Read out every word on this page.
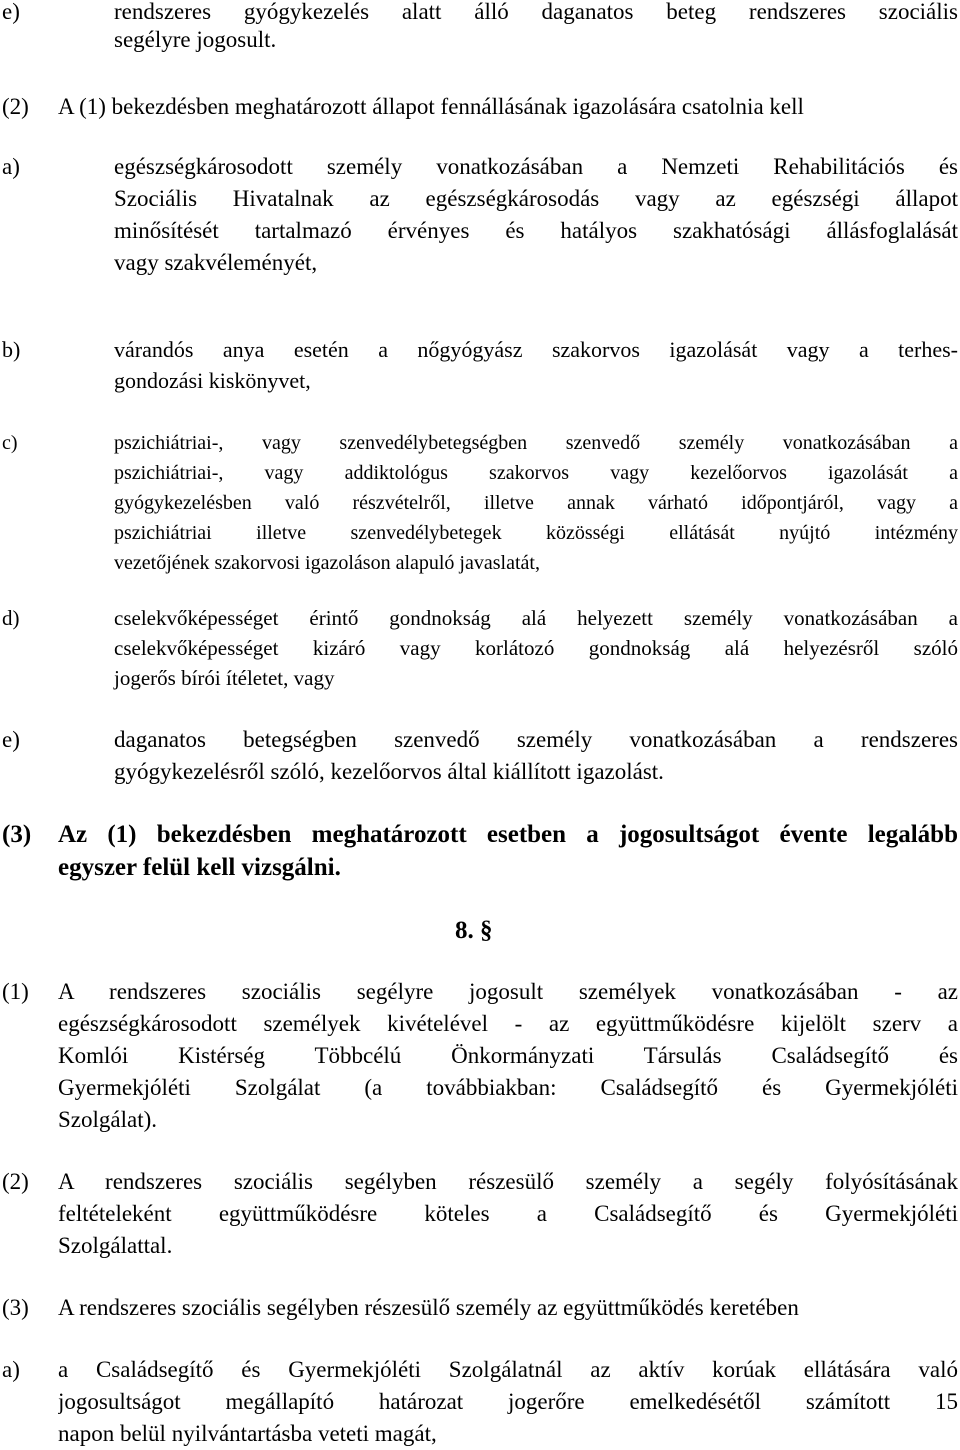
e)	rendszeres gyógykezelés alatt álló daganatos beteg rendszeres szociális
segélyre jogosult.
(2) A (1) bekezdésben meghatározott állapot fennállásának igazolására csatolnia kell
a)	egészségkárosodott személy vonatkozásában a Nemzeti Rehabilitációs és
Szociális Hivatalnak az egészségkárosodás vagy az egészségi állapot
minősítését tartalmazó érvényes és hatályos szakhatósági állásfoglalását
vagy szakvéleményét,
b)	várandós anya esetén a nőgyógyász szakorvos igazolását vagy a terhes-
gondozási kiskönyvet,
c)	pszichiátriai-, vagy szenvedélybetegségben szenvedő személy vonatkozásában a
pszichiátriai-, vagy addiktológus szakorvos vagy kezelőorvos igazolását a
gyógykezelésben való részvételről, illetve annak várható időpontjáról, vagy a
pszichiátriai illetve szenvedélybetegek közösségi ellátását nyújtó intézmény
vezetőjének szakorvosi igazoláson alapuló javaslatát,
d)	cselekvőképességet érintő gondnokság alá helyezett személy vonatkozásában a
cselekvőképességet kizáró vagy korlátozó gondnokság alá helyezésről szóló
jogerős bírói ítéletet, vagy
e)	daganatos betegségben szenvedő személy vonatkozásában a rendszeres
gyógykezelésről szóló, kezelőorvos által kiállított igazolást.
(3) Az (1) bekezdésben meghatározott esetben a jogosultságot évente legalább
egyszer felül kell vizsgálni.
8. §
(1) A rendszeres szociális segélyre jogosult személyek vonatkozásában - az
egészségkárosodott személyek kivételével - az együttműködésre kijelölt szerv a
Komlói Kistérség Többcélú Önkormányzati Társulás Családsegítő és
Gyermekjóléti Szolgálat (a továbbiakban: Családsegítő és Gyermekjóléti
Szolgálat).
(2) A rendszeres szociális segélyben részesülő személy a segély folyósításának
feltételeként együttműködésre köteles a Családsegítő és Gyermekjóléti
Szolgálattal.
(3) A rendszeres szociális segélyben részesülő személy az együttműködés keretében
a) a Családsegítő és Gyermekjóléti Szolgálatnál az aktív korúak ellátására való
jogosultságot megállapító határozat jogerőre emelkedésétől számított 15
napon belül nyilvántartásba veteti magát,
